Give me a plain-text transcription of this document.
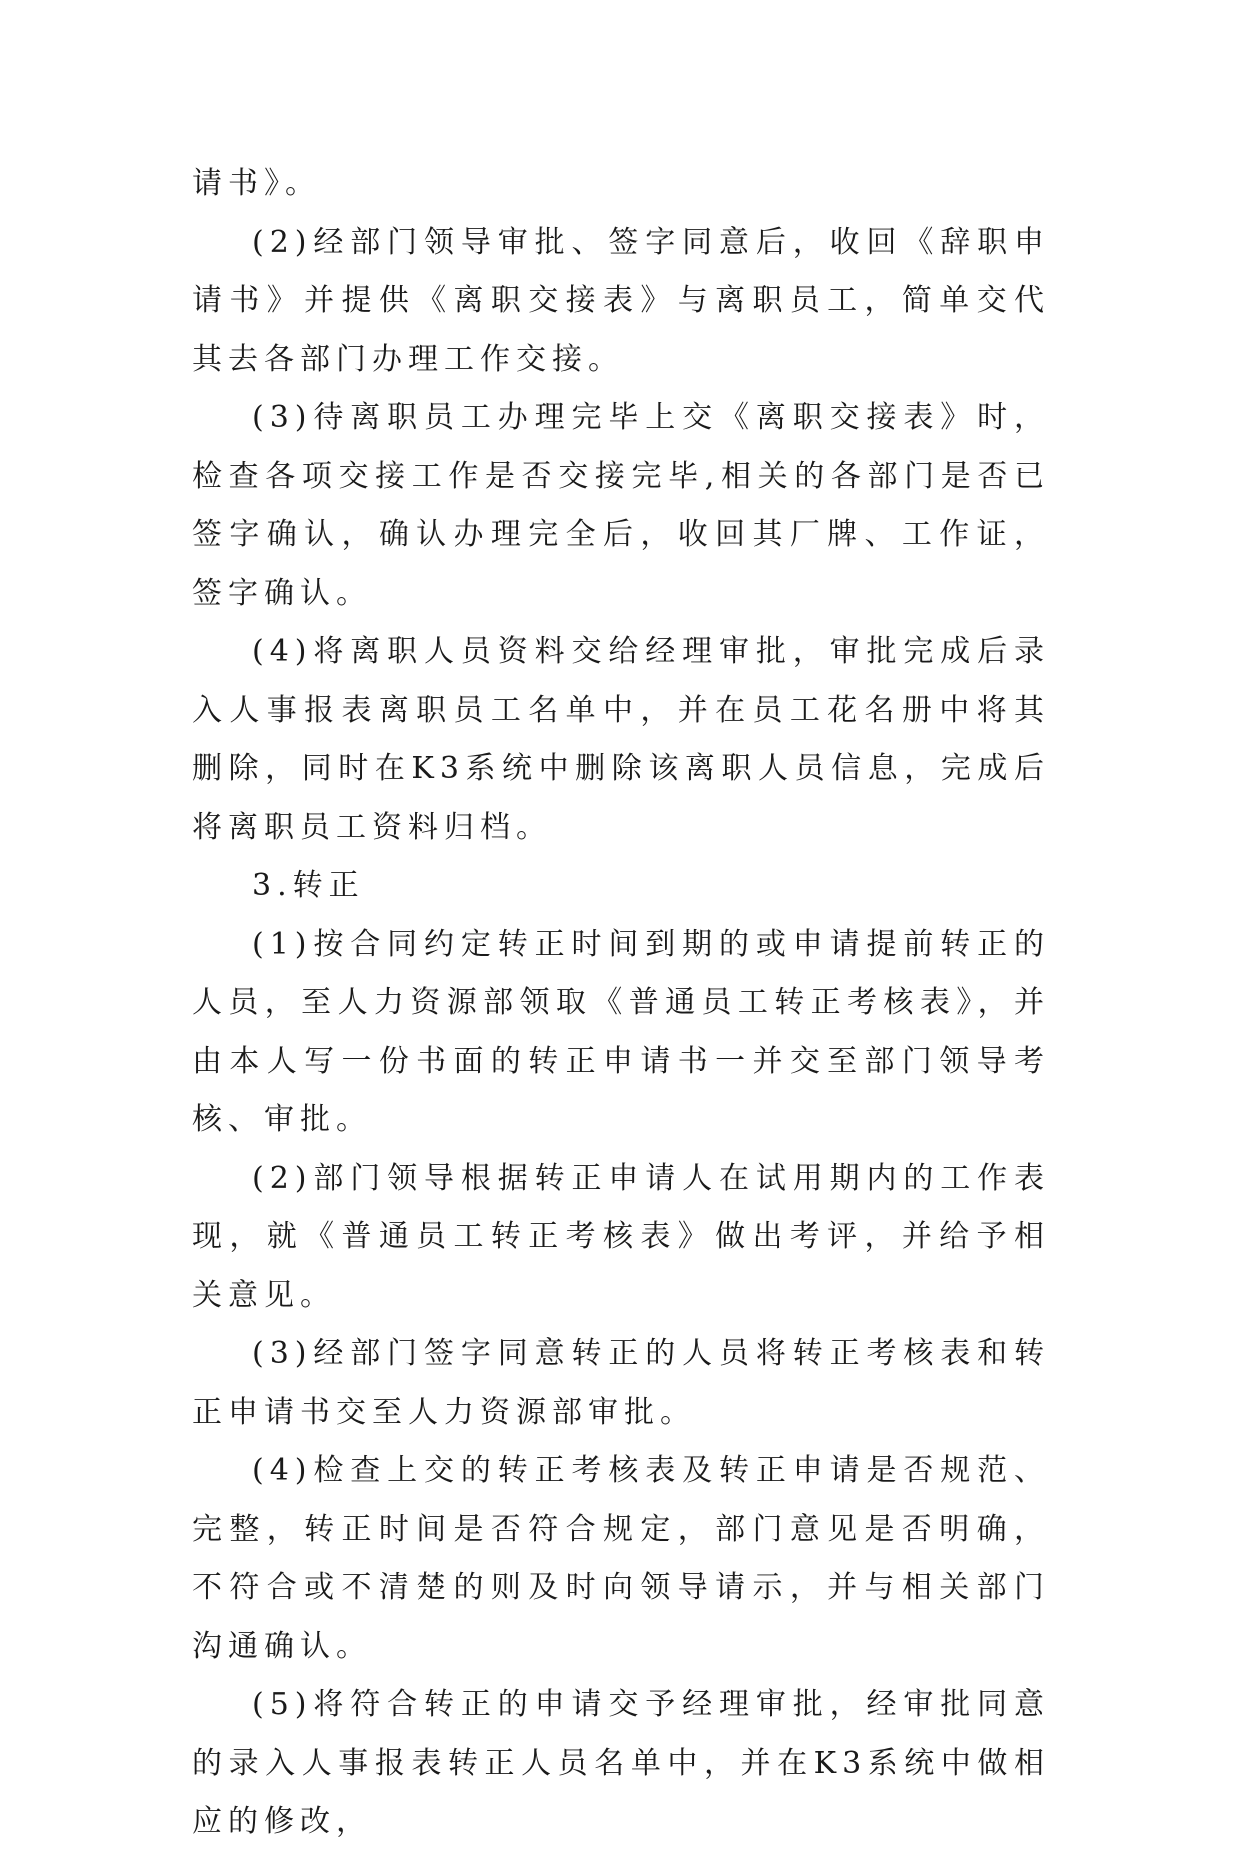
请书》。

(2)经部门领导审批、签字同意后，收回《辞职申请书》并提供《离职交接表》与离职员工，简单交代其去各部门办理工作交接。

(3)待离职员工办理完毕上交《离职交接表》时，检查各项交接工作是否交接完毕,相关的各部门是否已签字确认，确认办理完全后，收回其厂牌、工作证，签字确认。

(4)将离职人员资料交给经理审批，审批完成后录入人事报表离职员工名单中，并在员工花名册中将其删除，同时在K3系统中删除该离职人员信息，完成后将离职员工资料归档。

3.转正

(1)按合同约定转正时间到期的或申请提前转正的人员，至人力资源部领取《普通员工转正考核表》，并由本人写一份书面的转正申请书一并交至部门领导考核、审批。

(2)部门领导根据转正申请人在试用期内的工作表现，就《普通员工转正考核表》做出考评，并给予相关意见。

(3)经部门签字同意转正的人员将转正考核表和转正申请书交至人力资源部审批。

(4)检查上交的转正考核表及转正申请是否规范、完整，转正时间是否符合规定，部门意见是否明确，不符合或不清楚的则及时向领导请示，并与相关部门沟通确认。

(5)将符合转正的申请交予经理审批，经审批同意的录入人事报表转正人员名单中，并在K3系统中做相应的修改，
